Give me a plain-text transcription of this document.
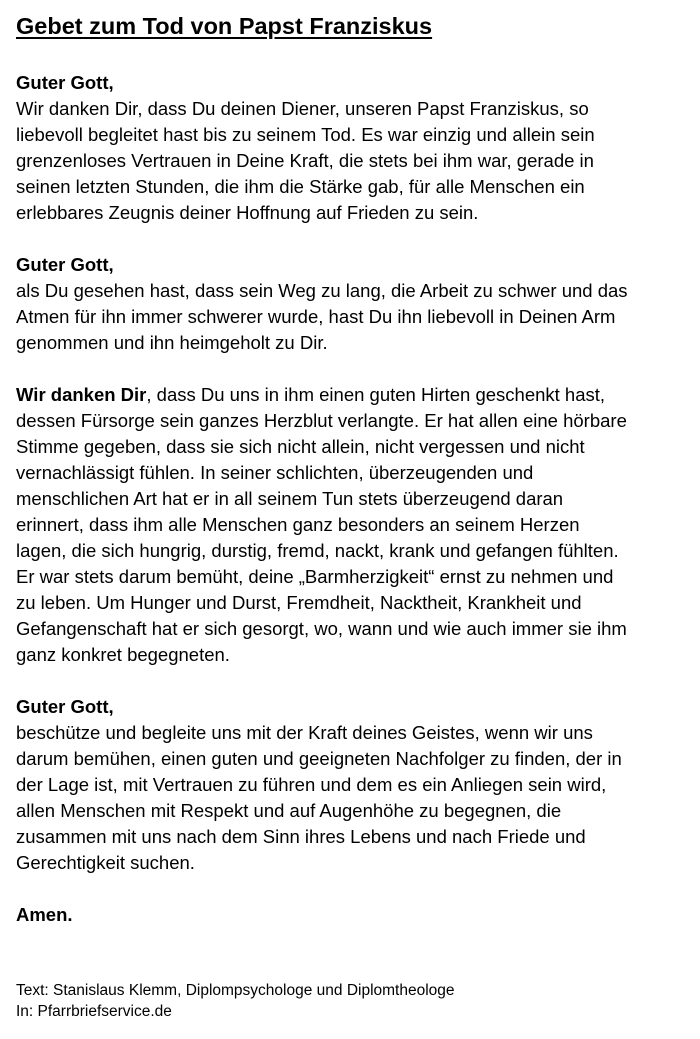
Gebet zum Tod von Papst Franziskus

Guter Gott,
Wir danken Dir, dass Du deinen Diener, unseren Papst Franziskus, so
liebevoll begleitet hast bis zu seinem Tod. Es war einzig und allein sein
grenzenloses Vertrauen in Deine Kraft, die stets bei ihm war, gerade in
seinen letzten Stunden, die ihm die Stärke gab, für alle Menschen ein
erlebbares Zeugnis deiner Hoffnung auf Frieden zu sein.

Guter Gott,
als Du gesehen hast, dass sein Weg zu lang, die Arbeit zu schwer und das
Atmen für ihn immer schwerer wurde, hast Du ihn liebevoll in Deinen Arm
genommen und ihn heimgeholt zu Dir.

Wir danken Dir, dass Du uns in ihm einen guten Hirten geschenkt hast,
dessen Fürsorge sein ganzes Herzblut verlangte. Er hat allen eine hörbare
Stimme gegeben, dass sie sich nicht allein, nicht vergessen und nicht
vernachlässigt fühlen. In seiner schlichten, überzeugenden und
menschlichen Art hat er in all seinem Tun stets überzeugend daran
erinnert, dass ihm alle Menschen ganz besonders an seinem Herzen
lagen, die sich hungrig, durstig, fremd, nackt, krank und gefangen fühlten.
Er war stets darum bemüht, deine „Barmherzigkeit“ ernst zu nehmen und
zu leben. Um Hunger und Durst, Fremdheit, Nacktheit, Krankheit und
Gefangenschaft hat er sich gesorgt, wo, wann und wie auch immer sie ihm
ganz konkret begegneten.

Guter Gott,
beschütze und begleite uns mit der Kraft deines Geistes, wenn wir uns
darum bemühen, einen guten und geeigneten Nachfolger zu finden, der in
der Lage ist, mit Vertrauen zu führen und dem es ein Anliegen sein wird,
allen Menschen mit Respekt und auf Augenhöhe zu begegnen, die
zusammen mit uns nach dem Sinn ihres Lebens und nach Friede und
Gerechtigkeit suchen.

Amen.

Text: Stanislaus Klemm, Diplompsychologe und Diplomtheologe
In: Pfarrbriefservice.de
